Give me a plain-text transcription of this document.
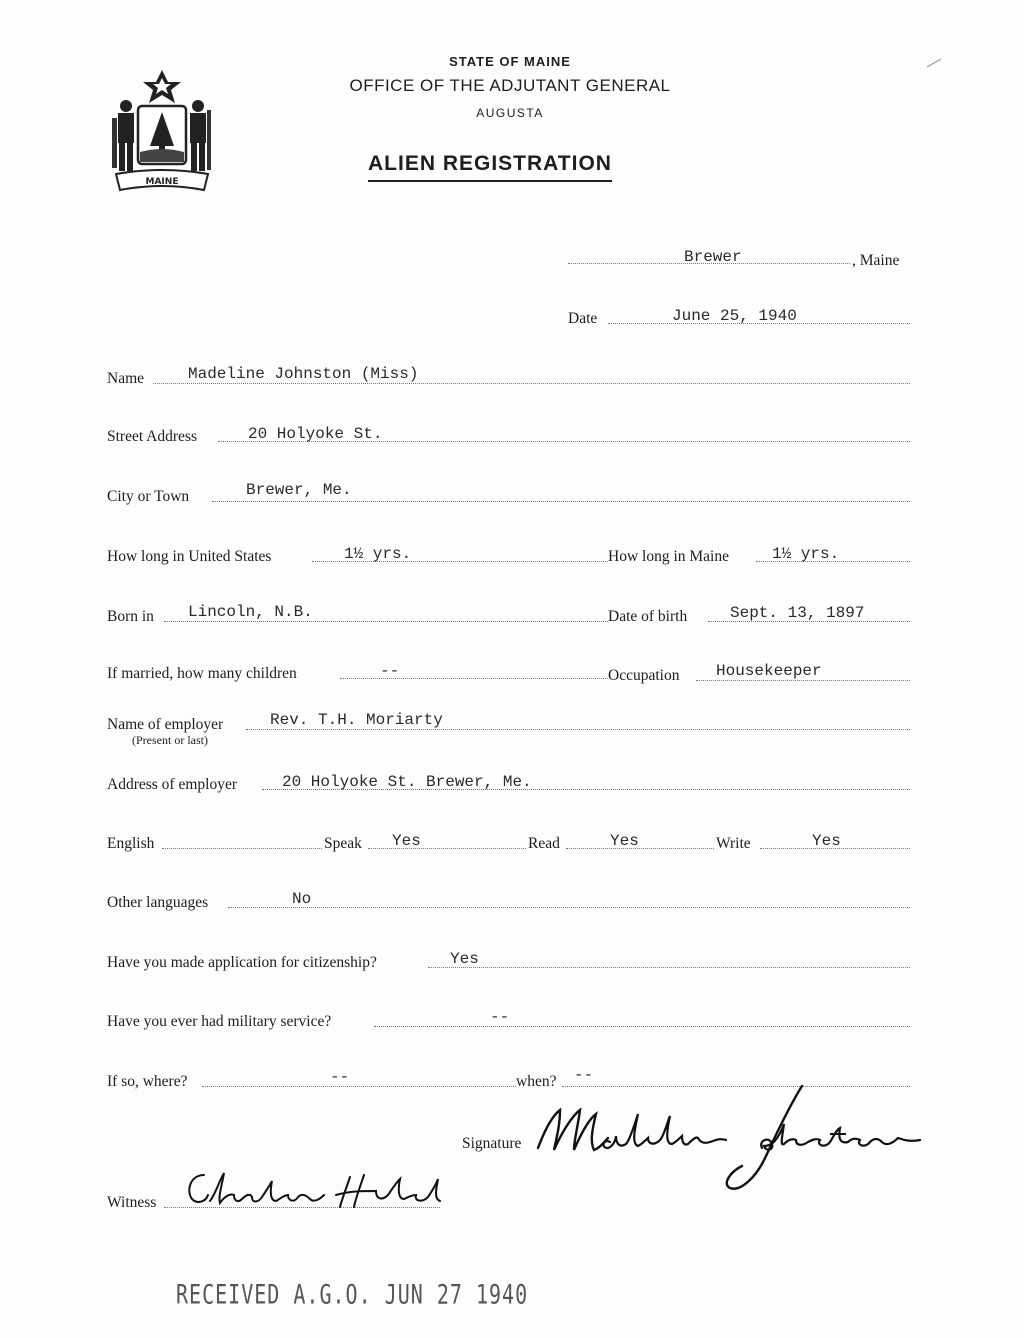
MAINE
STATE OF MAINE
OFFICE OF THE ADJUTANT GENERAL
AUGUSTA
ALIEN REGISTRATION
Brewer	, Maine
Date	June 25, 1940
Name	Madeline Johnston (Miss)
Street Address	20 Holyoke St.
City or Town	Brewer, Me.
How long in United States	1½ yrs.	How long in Maine	1½ yrs.
Born in Lincoln, N.B.	Date of birth	Sept. 13, 1897
If married, how many children	--	Occupation Housekeeper
Name of employer
(Present or last)
Rev. T.H. Moriarty
Address of employer	20 Holyoke St. Brewer, Me.
English	Speak Yes	Read	Yes	Write	Yes
Other languages	No
Have you made application for citizenship?	Yes
Have you ever had military service?	--
If so, where?	--	when? --
Signature
Witness
RECEIVED A.G.O. JUN 27 1940
